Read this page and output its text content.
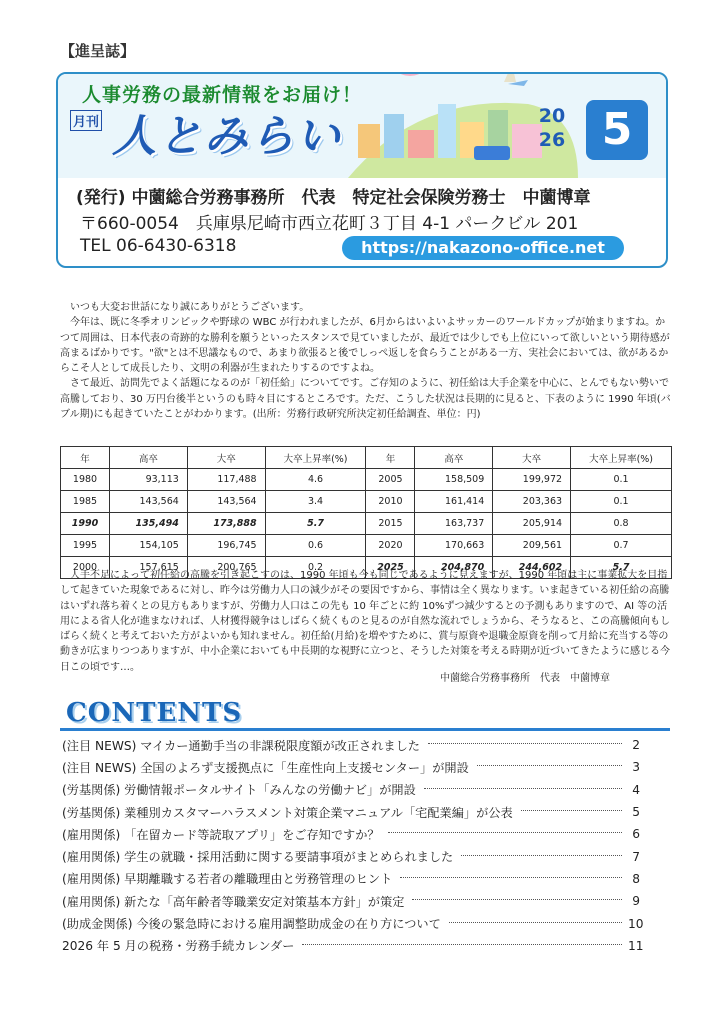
【進呈誌】
人事労務の最新情報をお届け！
月刊 人とみらい	20
26 5
(発行) 中薗総合労務事務所　代表　特定社会保険労務士　中薗博章
〒660-0054　兵庫県尼崎市西立花町３丁目 4-1 パークビル 201
TEL 06-6430-6318	https://nakazono-office.net

いつも大変お世話になり誠にありがとうございます。

今年は、既に冬季オリンピックや野球の WBC が行われましたが、6月からはいよいよサッカーのワールドカップが始まりますね。かつて周囲は、日本代表の奇跡的な勝利を願うといったスタンスで見ていましたが、最近では少しでも上位にいって欲しいという期待感が高まるばかりです。"欲"とは不思議なもので、あまり欲張ると後でしっぺ返しを食らうことがある一方、実社会においては、欲があるからこそ人として成長したり、文明の利器が生まれたりするのですよね。

さて最近、訪問先でよく話題になるのが「初任給」についてです。ご存知のように、初任給は大手企業を中心に、とんでもない勢いで高騰しており、30 万円台後半というのも時々目にするところです。ただ、こうした状況は長期的に見ると、下表のように 1990 年頃(バブル期)にも起きていたことがわかります。(出所：労務行政研究所決定初任給調査、単位：円)

年	高卒	大卒	大卒上昇率(%)	年	高卒	大卒	大卒上昇率(%)
1980	93,113	117,488	4.6	2005	158,509	199,972	0.1
1985	143,564	143,564	3.4	2010	161,414	203,363	0.1
1990	135,494	173,888	5.7	2015	163,737	205,914	0.8
1995	154,105	196,745	0.6	2020	170,663	209,561	0.7
2000	157,615	200,765	0.2	2025	204,870	244,602	5.7

人手不足によって初任給の高騰を引き起こすのは、1990 年頃も今も同じであるように見えますが、1990 年頃は主に事業拡大を目指して起きていた現象であるに対し、昨今は労働力人口の減少がその要因ですから、事情は全く異なります。いま起きている初任給の高騰はいずれ落ち着くとの見方もありますが、労働力人口はこの先も 10 年ごとに約 10%ずつ減少するとの予測もありますので、AI 等の活用による省人化が進まなければ、人材獲得競争はしばらく続くものと見るのが自然な流れでしょうから、そうなると、この高騰傾向もしばらく続くと考えておいた方がよいかも知れません。初任給(月給)を増やすために、賞与原資や退職金原資を削って月給に充当する等の動きが広まりつつありますが、中小企業においても中長期的な視野に立つと、そうした対策を考える時期が近づいてきたように感じる今日この頃です…。

中薗総合労務事務所　代表　中薗博章
CONTENTS
(注目 NEWS) マイカー通勤手当の非課税限度額が改正されました	2
(注目 NEWS) 全国のよろず支援拠点に「生産性向上支援センター」が開設	3
(労基関係) 労働情報ポータルサイト「みんなの労働ナビ」が開設	4
(労基関係) 業種別カスタマーハラスメント対策企業マニュアル「宅配業編」が公表	5
(雇用関係) 「在留カード等読取アプリ」をご存知ですか？	6
(雇用関係) 学生の就職・採用活動に関する要請事項がまとめられました	7
(雇用関係) 早期離職する若者の離職理由と労務管理のヒント	8
(雇用関係) 新たな「高年齢者等職業安定対策基本方針」が策定	9
(助成金関係) 今後の緊急時における雇用調整助成金の在り方について	10
2026 年 5 月の税務・労務手続カレンダー	11
